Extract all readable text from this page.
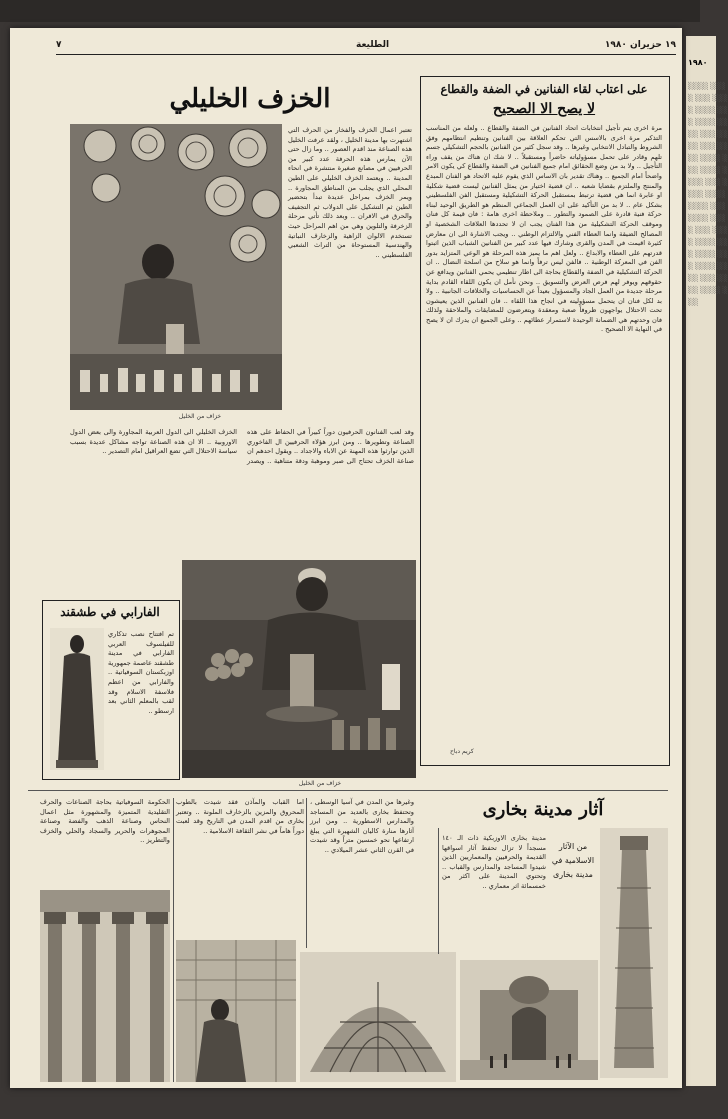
١٩٨٠
░░░░ ░░░░ ░░░ ░░░░ ░░░░ ░░░ ░░░░ ░░░░ ░░░ ░░░░ ░░░ ░░░░ ░░░░ ░░░ ░░░░ ░░░░ ░░░ ░░░░ ░░░░ ░░░░ ░░░ ░░░░ ░░░░ ░░░ ░░░░ ░░░░ ░░░ ░░░░ ░░░ ░░░░ ░░░░ ░░░ ░░░░ ░░░░ ░░░
١٩ حزيران ١٩٨٠
الطليعة
٧
على اعتاب لقاء الفنانين في الضفة والقطاع
لا يصح الا الصحيح
مرة اخرى يتم تأجيل انتخابات اتحاد الفنانين في الضفة والقطاع .. ولعله من المناسب التذكير مرة اخرى بالاسس التي تحكم العلاقة بين الفنانين وتنظيم انتظامهم وفق الشروط والتبادل الانتخابي وغيرها .. وقد سجل كثير من الفنانين بالحجم التشكيلي جسم تلهم وقادر على تحمل مسؤولياته حاضراً ومستقبلاً .. لا شك ان هناك من يقف وراء التأجيل .. ولا بد من وضع الحقائق امام جميع الفنانين في الضفة والقطاع كي يكون الامر واضحاً امام الجميع .. وهناك تقدير بان الاساس الذي يقوم عليه الاتحاد هو الفنان المبدع والمنتج والملتزم بقضايا شعبه .. ان قضية اختيار من يمثل الفنانين ليست قضية شكلية او عابرة انما هي قضية ترتبط بمستقبل الحركة التشكيلية ومستقبل الفن الفلسطيني بشكل عام .. لا بد من التأكيد على ان العمل الجماعي المنظم هو الطريق الوحيد لبناء حركة فنية قادرة على الصمود والتطور .. وملاحظة اخرى هامة : فان قيمة كل فنان وموقف الحركة التشكيلية من هذا الفنان يجب ان لا تحددها العلاقات الشخصية او المصالح الضيقة وانما العطاء الفني والالتزام الوطني .. ويجب الاشارة الى ان معارض كثيرة اقيمت في المدن والقرى وشارك فيها عدد كبير من الفنانين الشباب الذين اثبتوا قدرتهم على العطاء والابداع .. ولعل اهم ما يميز هذه المرحلة هو الوعي المتزايد بدور الفن في المعركة الوطنية .. فالفن ليس ترفاً وانما هو سلاح من اسلحة النضال .. ان الحركة التشكيلية في الضفة والقطاع بحاجة الى اطار تنظيمي يحمي الفنانين ويدافع عن حقوقهم ويوفر لهم فرص العرض والتسويق .. ونحن نأمل ان يكون اللقاء القادم بداية مرحلة جديدة من العمل الجاد والمسؤول بعيداً عن الحساسيات والخلافات الجانبية .. ولا بد لكل فنان ان يتحمل مسؤوليته في انجاح هذا اللقاء .. فان الفنانين الذين يعيشون تحت الاحتلال يواجهون ظروفاً صعبة ومعقدة ويتعرضون للمضايقات والملاحقة ولذلك فان وحدتهم هي الضمانة الوحيدة لاستمرار عطائهم .. وعلى الجميع ان يدرك ان لا يصح في النهاية الا الصحيح .
كريم دباح
الخزف الخليلي
خزاف من الخليل
تعتبر اعمال الخزف والفخار من الحرف التي اشتهرت بها مدينة الخليل ، ولقد عرفت الخليل هذه الصناعة منذ اقدم العصور .. وما زال حتى الآن يمارس هذه الحرفة عدد كبير من الحرفيين في مصانع صغيرة منتشرة في انحاء المدينة .. ويعتمد الخزف الخليلي على الطين المحلي الذي يجلب من المناطق المجاورة .. ويمر الخزف بمراحل عديدة تبدأ بتحضير الطين ثم التشكيل على الدولاب ثم التجفيف والحرق في الافران .. وبعد ذلك تأتي مرحلة الزخرفة والتلوين وهي من اهم المراحل حيث تستخدم الالوان الزاهية والزخارف النباتية والهندسية المستوحاة من التراث الشعبي الفلسطيني ..
وقد لعب الفنانون الحرفيون دوراً كبيراً في الحفاظ على هذه الصناعة وتطويرها .. ومن ابرز هؤلاء الحرفيين ال الفاخوري الذين توارثوا هذه المهنة عن الاباء والاجداد .. ويقول احدهم ان صناعة الخزف تحتاج الى صبر وموهبة ودقة متناهية .. ويصدر الخزف الخليلي الى الدول العربية المجاورة والى بعض الدول الاوروبية .. الا ان هذه الصناعة تواجه مشاكل عديدة بسبب سياسة الاحتلال التي تضع العراقيل امام التصدير ..
خزاف من الخليل
الفارابي في طشقند
تم افتتاح نصب تذكاري للفيلسوف العربي الفارابي في مدينة طشقند عاصمة جمهورية اوزبكستان السوفياتية .. والفارابي من اعظم فلاسفة الاسلام وقد لقب بالمعلم الثاني بعد ارسطو ..
آثار مدينة بخارى
من الآثار الاسلامية في مدينة بخارى
مدينة بخارى الاوزبكية ذات الـ ١٤٠ مسجداً لا تزال تحفظ آثار اسواقها القديمة والحرفيين والمعماريين الذين شيدوا المساجد والمدارس والقباب .. وتحتوي المدينة على اكثر من خمسمائة اثر معماري ..
وغيرها من المدن في آسيا الوسطى ، وتحتفظ بخارى بالعديد من المساجد والمدارس الاسطورية .. ومن ابرز آثارها منارة كاليان الشهيرة التي يبلغ ارتفاعها نحو خمسين متراً وقد شيدت في القرن الثاني عشر الميلادي ..
اما القباب والمآذن فقد شيدت بالطوب المحروق والمزين بالزخارف الملونة .. وتعتبر بخارى من اقدم المدن في التاريخ وقد لعبت دوراً هاماً في نشر الثقافة الاسلامية ..
الحكومة السوفياتية بحاجة الصناعات والحرف التقليدية المتميزة والمشهورة مثل اعمال النحاس وصناعة الذهب والفضة وصناعة المجوهرات والحرير والسجاد والحلي والخزف والتطريز ..
